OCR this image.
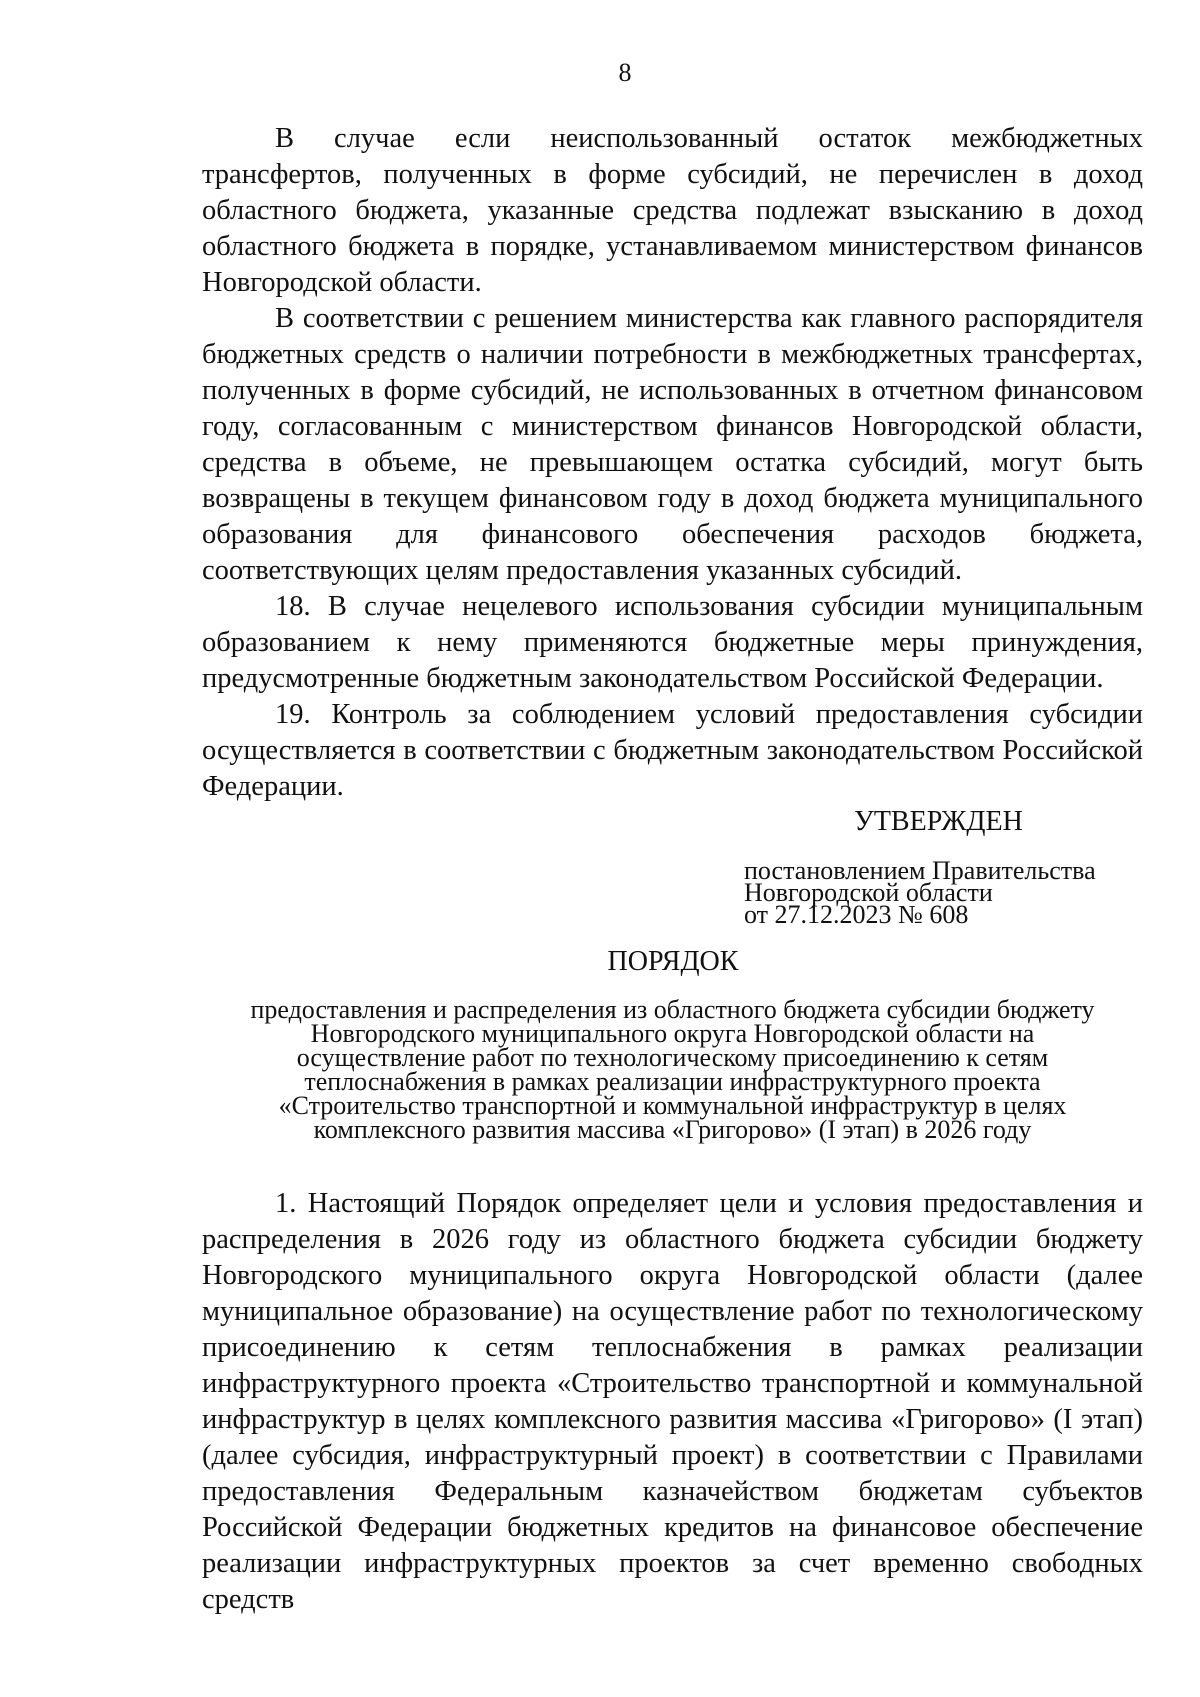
8

В случае если неиспользованный остаток межбюджетных трансфертов, полученных в форме субсидий, не перечислен в доход областного бюджета, указанные средства подлежат взысканию в доход областного бюджета в порядке, устанавливаемом министерством финансов Новгородской области.

В соответствии с решением министерства как главного распорядителя бюджетных средств о наличии потребности в межбюджетных трансфертах, полученных в форме субсидий, не использованных в отчетном финансовом году, согласованным с министерством финансов Новгородской области, средства в объеме, не превышающем остатка субсидий, могут быть возвращены в текущем финансовом году в доход бюджета муниципального образования для финансового обеспечения расходов бюджета, соответствующих целям предоставления указанных субсидий.

18. В случае нецелевого использования субсидии муниципальным образованием к нему применяются бюджетные меры принуждения, предусмотренные бюджетным законодательством Российской Федерации.

19. Контроль за соблюдением условий предоставления субсидии осуществляется в соответствии с бюджетным законодательством Российской Федерации.

УТВЕРЖДЕН
постановлением Правительства
Новгородской области
от 27.12.2023 № 608
ПОРЯДОК
предоставления и распределения из областного бюджета субсидии бюджету
Новгородского муниципального округа Новгородской области на
осуществление работ по технологическому присоединению к сетям
теплоснабжения в рамках реализации инфраструктурного проекта
«Строительство транспортной и коммунальной инфраструктур в целях
комплексного развития массива «Григорово» (I этап) в 2026 году

1. Настоящий Порядок определяет цели и условия предоставления и распределения в 2026 году из областного бюджета субсидии бюджету Новгородского муниципального округа Новгородской области (далее муниципальное образование) на осуществление работ по технологическому присоединению к сетям теплоснабжения в рамках реализации инфраструктурного проекта «Строительство транспортной и коммунальной инфраструктур в целях комплексного развития массива «Григорово» (I этап) (далее субсидия, инфраструктурный проект) в соответствии с Правилами предоставления Федеральным казначейством бюджетам субъектов Российской Федерации бюджетных кредитов на финансовое обеспечение реализации инфраструктурных проектов за счет временно свободных средств
